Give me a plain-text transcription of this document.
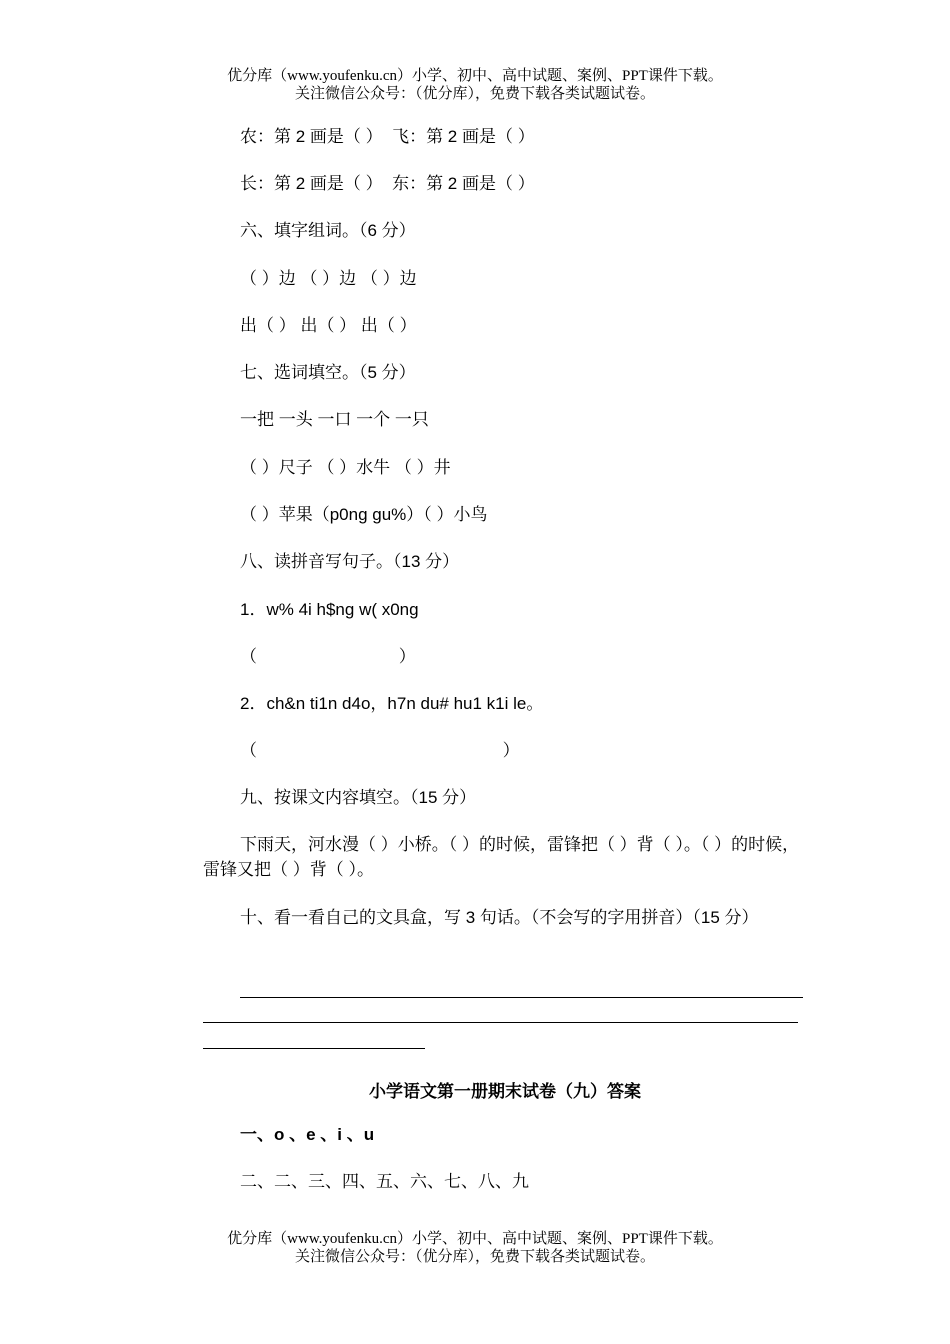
优分库（www.youfenku.cn）小学、初中、高中试题、案例、PPT课件下载。
关注微信公众号：（优分库），免费下载各类试题试卷。
农：第 2 画是（ ）  飞：第 2 画是（ ）
长：第 2 画是（ ）  东：第 2 画是（ ）
六、填字组词。（6 分）
（ ）边 （ ）边 （ ）边
出（ ） 出（ ） 出（ ）
七、选词填空。（5 分）
一把 一头 一口 一个 一只
（ ）尺子 （ ）水牛 （ ）井
（ ）苹果（p0ng gu%）（ ）小鸟
八、读拼音写句子。（13 分）
1．w% 4i h$ng w( x0ng
（                              ）
2．ch&n ti1n d4o，h7n du# hu1 k1i le。
（                                                    ）
九、按课文内容填空。（15 分）
下雨天，河水漫（ ）小桥。（ ）的时候，雷锋把（ ）背（ ）。（ ）的时候，雷锋又把（ ）背（ ）。
十、看一看自己的文具盒，写 3 句话。（不会写的字用拼音）（15 分）
小学语文第一册期末试卷（九）答案
一、o 、e 、i 、u
二、二、三、四、五、六、七、八、九
优分库（www.youfenku.cn）小学、初中、高中试题、案例、PPT课件下载。
关注微信公众号：（优分库），免费下载各类试题试卷。
